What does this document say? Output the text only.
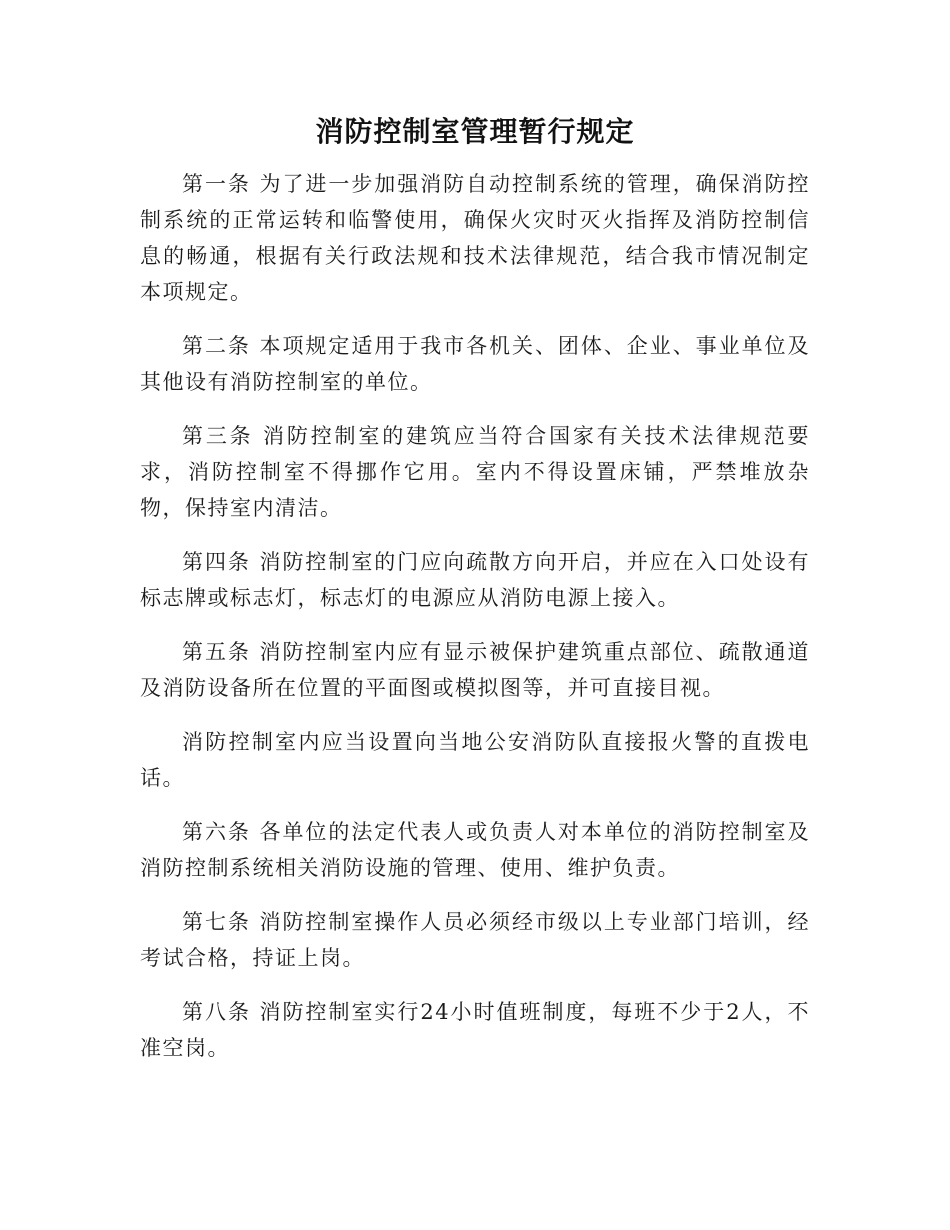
消防控制室管理暂行规定

第一条 为了进一步加强消防自动控制系统的管理，确保消防控制系统的正常运转和临警使用，确保火灾时灭火指挥及消防控制信息的畅通，根据有关行政法规和技术法律规范，结合我市情况制定本项规定。

第二条 本项规定适用于我市各机关、团体、企业、事业单位及其他设有消防控制室的单位。

第三条 消防控制室的建筑应当符合国家有关技术法律规范要求，消防控制室不得挪作它用。室内不得设置床铺，严禁堆放杂物，保持室内清洁。

第四条 消防控制室的门应向疏散方向开启，并应在入口处设有标志牌或标志灯，标志灯的电源应从消防电源上接入。

第五条 消防控制室内应有显示被保护建筑重点部位、疏散通道及消防设备所在位置的平面图或模拟图等，并可直接目视。

消防控制室内应当设置向当地公安消防队直接报火警的直拨电话。

第六条 各单位的法定代表人或负责人对本单位的消防控制室及消防控制系统相关消防设施的管理、使用、维护负责。

第七条 消防控制室操作人员必须经市级以上专业部门培训，经考试合格，持证上岗。

第八条 消防控制室实行24小时值班制度，每班不少于2人，不准空岗。
